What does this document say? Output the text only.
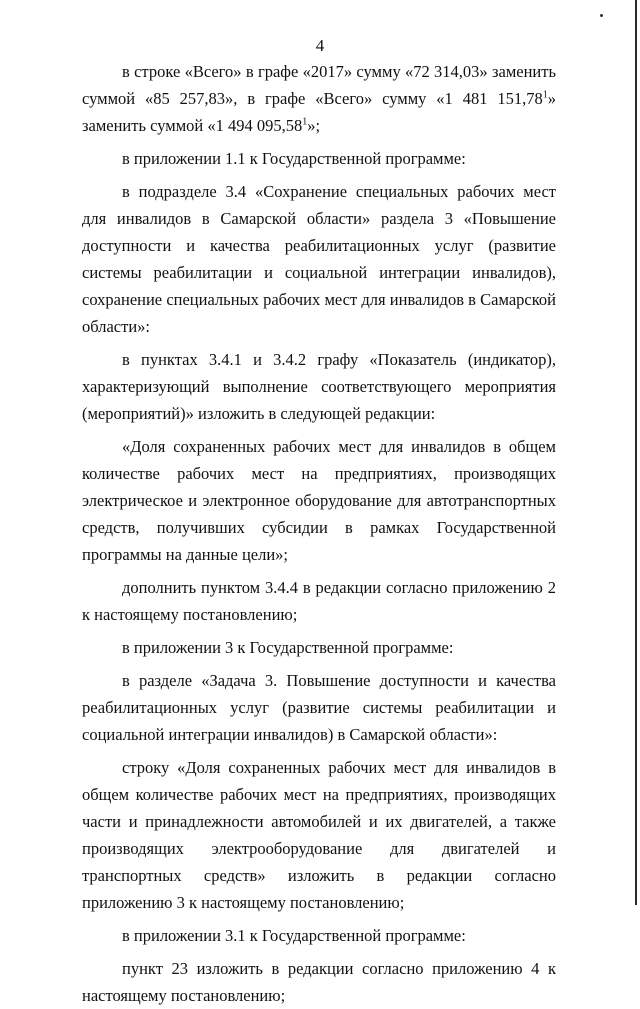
4

в строке «Всего» в графе «2017» сумму «72 314,03» заменить суммой «85 257,83», в графе «Всего» сумму «1 481 151,78$^1$» заменить суммой «1 494 095,58$^1$»;

в приложении 1.1 к Государственной программе:

в подразделе 3.4 «Сохранение специальных рабочих мест для инвалидов в Самарской области» раздела 3 «Повышение доступности и качества реабилитационных услуг (развитие системы реабилитации и социальной интеграции инвалидов), сохранение специальных рабочих мест для инвалидов в Самарской области»:

в пунктах 3.4.1 и 3.4.2 графу «Показатель (индикатор), характеризующий выполнение соответствующего мероприятия (мероприятий)» изложить в следующей редакции:

«Доля сохраненных рабочих мест для инвалидов в общем количестве рабочих мест на предприятиях, производящих электрическое и электронное оборудование для автотранспортных средств, получивших субсидии в рамках Государственной программы на данные цели»;

дополнить пунктом 3.4.4 в редакции согласно приложению 2 к настоящему постановлению;

в приложении 3 к Государственной программе:

в разделе «Задача 3. Повышение доступности и качества реабилитационных услуг (развитие системы реабилитации и социальной интеграции инвалидов) в Самарской области»:

строку «Доля сохраненных рабочих мест для инвалидов в общем количестве рабочих мест на предприятиях, производящих части и принадлежности автомобилей и их двигателей, а также производящих электрооборудование для двигателей и транспортных средств» изложить в редакции согласно приложению 3 к настоящему постановлению;

в приложении 3.1 к Государственной программе:

пункт 23 изложить в редакции согласно приложению 4 к настоящему постановлению;
